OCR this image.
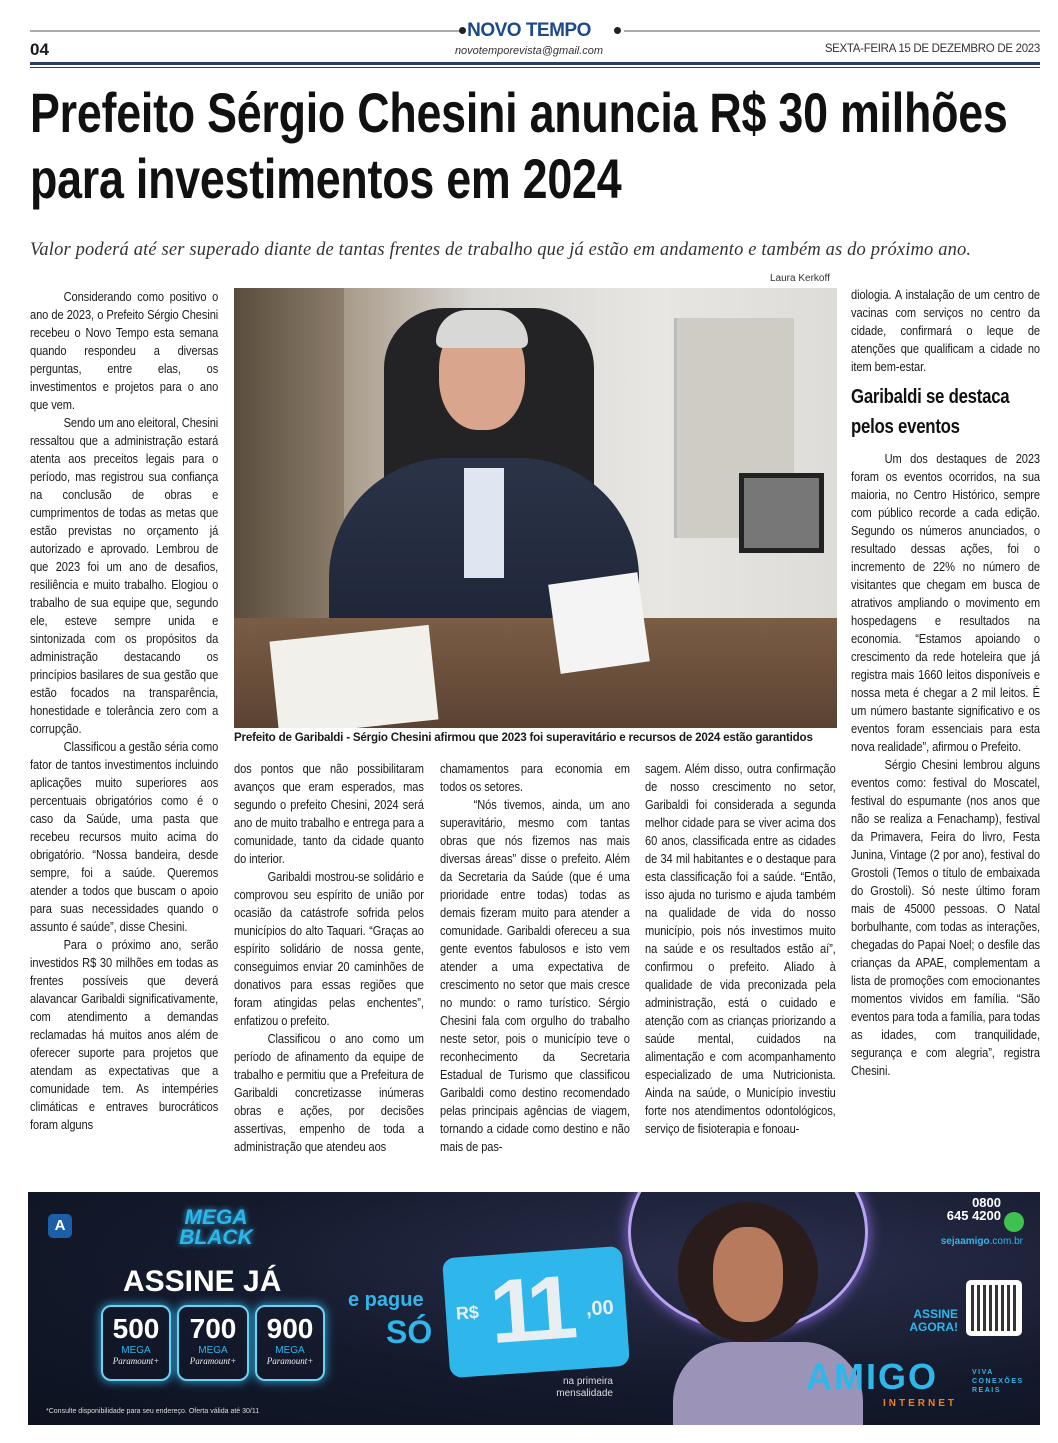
NOVO TEMPO
04	novotemporevista@gmail.com	SEXTA-FEIRA 15 DE DEZEMBRO DE 2023
Prefeito Sérgio Chesini anuncia R$ 30 milhões para investimentos em 2024
Valor poderá até ser superado diante de tantas frentes de trabalho que já estão em andamento e também as do próximo ano.
Laura Kerkoff
Prefeito de Garibaldi - Sérgio Chesini afirmou que 2023 foi superavitário e recursos de 2024 estão garantidos

Considerando como positivo o ano de 2023, o Prefeito Sérgio Chesini recebeu o Novo Tempo esta semana quando respondeu a diversas perguntas, entre elas, os investimentos e projetos para o ano que vem.

Sendo um ano eleitoral, Chesini ressaltou que a administração estará atenta aos preceitos legais para o período, mas registrou sua confiança na conclusão de obras e cumprimentos de todas as metas que estão previstas no orçamento já autorizado e aprovado. Lembrou de que 2023 foi um ano de desafios, resiliência e muito trabalho. Elogiou o trabalho de sua equipe que, segundo ele, esteve sempre unida e sintonizada com os propósitos da administração destacando os princípios basilares de sua gestão que estão focados na transparência, honestidade e tolerância zero com a corrupção.

Classificou a gestão séria como fator de tantos investimentos incluindo aplicações muito superiores aos percentuais obrigatórios como é o caso da Saúde, uma pasta que recebeu recursos muito acima do obrigatório. “Nossa bandeira, desde sempre, foi a saúde. Queremos atender a todos que buscam o apoio para suas necessidades quando o assunto é saúde”, disse Chesini.

Para o próximo ano, serão investidos R$ 30 milhões em todas as frentes possíveis que deverá alavancar Garibaldi significativamente, com atendimento a demandas reclamadas há muitos anos além de oferecer suporte para projetos que atendam as expectativas que a comunidade tem. As intempéries climáticas e entraves burocráticos foram alguns

dos pontos que não possibilitaram avanços que eram esperados, mas segundo o prefeito Chesini, 2024 será ano de muito trabalho e entrega para a comunidade, tanto da cidade quanto do interior.

Garibaldi mostrou-se solidário e comprovou seu espírito de união por ocasião da catástrofe sofrida pelos municípios do alto Taquari. “Graças ao espírito solidário de nossa gente, conseguimos enviar 20 caminhões de donativos para essas regiões que foram atingidas pelas enchentes”, enfatizou o prefeito.

Classificou o ano como um período de afinamento da equipe de trabalho e permitiu que a Prefeitura de Garibaldi concretizasse inúmeras obras e ações, por decisões assertivas, empenho de toda a administração que atendeu aos

chamamentos para economia em todos os setores.

“Nós tivemos, ainda, um ano superavitário, mesmo com tantas obras que nós fizemos nas mais diversas áreas” disse o prefeito. Além da Secretaria da Saúde (que é uma prioridade entre todas) todas as demais fizeram muito para atender a comunidade. Garibaldi ofereceu a sua gente eventos fabulosos e isto vem atender a uma expectativa de crescimento no setor que mais cresce no mundo: o ramo turístico. Sérgio Chesini fala com orgulho do trabalho neste setor, pois o município teve o reconhecimento da Secretaria Estadual de Turismo que classificou Garibaldi como destino recomendado pelas principais agências de viagem, tornando a cidade como destino e não mais de pas-

sagem. Além disso, outra confirmação de nosso crescimento no setor, Garibaldi foi considerada a segunda melhor cidade para se viver acima dos 60 anos, classificada entre as cidades de 34 mil habitantes e o destaque para esta classificação foi a saúde. “Então, isso ajuda no turismo e ajuda também na qualidade de vida do nosso município, pois nós investimos muito na saúde e os resultados estão aí”, confirmou o prefeito. Aliado à qualidade de vida preconizada pela administração, está o cuidado e atenção com as crianças priorizando a saúde mental, cuidados na alimentação e com acompanhamento especializado de uma Nutricionista. Ainda na saúde, o Município investiu forte nos atendimentos odontológicos, serviço de fisioterapia e fonoau-

diologia. A instalação de um centro de vacinas com serviços no centro da cidade, confirmará o leque de atenções que qualificam a cidade no item bem-estar.

Garibaldi se destaca pelos eventos

Um dos destaques de 2023 foram os eventos ocorridos, na sua maioria, no Centro Histórico, sempre com público recorde a cada edição. Segundo os números anunciados, o resultado dessas ações, foi o incremento de 22% no número de visitantes que chegam em busca de atrativos ampliando o movimento em hospedagens e resultados na economia. “Estamos apoiando o crescimento da rede hoteleira que já registra mais 1660 leitos disponíveis e nossa meta é chegar a 2 mil leitos. É um número bastante significativo e os eventos foram essenciais para esta nova realidade”, afirmou o Prefeito.

Sérgio Chesini lembrou alguns eventos como: festival do Moscatel, festival do espumante (nos anos que não se realiza a Fenachamp), festival da Primavera, Feira do livro, Festa Junina, Vintage (2 por ano), festival do Grostoli (Temos o título de embaixada do Grostoli). Só neste último foram mais de 45000 pessoas. O Natal borbulhante, com todas as interações, chegadas do Papai Noel; o desfile das crianças da APAE, complementam a lista de promoções com emocionantes momentos vividos em família. “São eventos para toda a família, para todas as idades, com tranquilidade, segurança e com alegria”, registra Chesini.

A	MEGA BLACK
ASSINE JÁ
500
MEGA
Paramount+
700
MEGA
Paramount+
900
MEGA
Paramount+
e pague
SÓ
R$ 11 ,00
na primeira mensalidade
0800
645 4200
sejaamigo.com.br
ASSINE AGORA!
AMIGO
INTERNET
VIVA
CONEXÕES
REAIS
*Consulte disponibilidade para seu endereço. Oferta válida até 30/11
